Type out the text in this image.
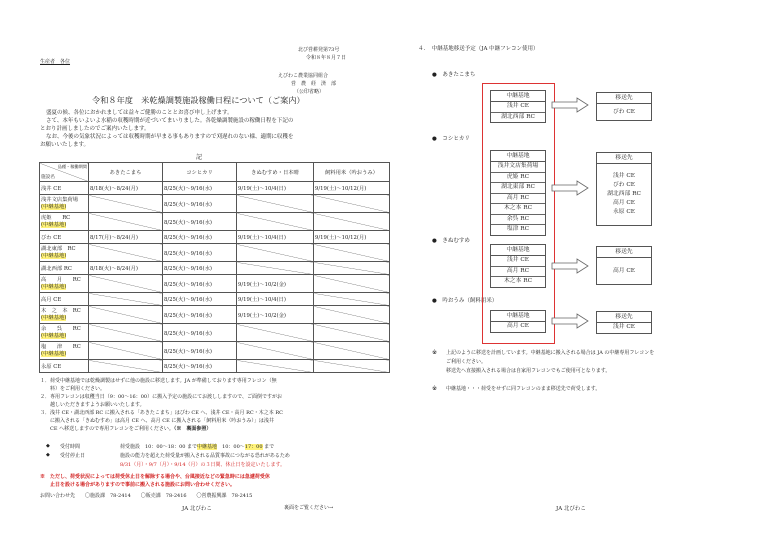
北び営耕発第73号
令和８年８月７日
生産者　各位
えびわこ農業協同組合
営　農　経　済　部
（公印省略）
令和８年度　米乾燥調製施設稼働日程について（ご案内）
盛夏の候、各位におかれましては益々ご健勝のこととお喜び申し上げます。
さて、本年もいよいよ水稲の収穫時期が近づいてまいりました。各乾燥調製施設の稼働日程を下記の
とおり計画しましたのでご案内いたします。
なお、今後の気象状況によっては収穫時期が早まる事もありますので刈遅れのない様、適期に収穫を
お願いいたします。
記
品種・稼働期間
施設名	あきたこまち	コシヒカリ	きぬむすめ・日本晴	飼料用米（吟おうみ）
浅井 CE	8/18(火)〜8/24(月)	8/25(火)〜9/16(水)	9/19(土)〜10/4(日)	9/19(土)〜10/12(月)
浅井文店集荷場
(中継基地)		8/25(火)〜9/16(水)		
虎姫　　RC
(中継基地)		8/25(火)〜9/16(水)		
びわ CE	8/17(月)〜8/24(月)	8/25(火)〜9/16(水)	9/19(土)〜10/4(日)	9/19(土)〜10/12(月)
湖北東部　RC
(中継基地)		8/25(火)〜9/16(水)		
湖北西部 RC	8/18(火)〜8/24(月)	8/25(火)〜9/16(水)		
高　　月　　RC
(中継基地)		8/25(火)〜9/16(水)	9/19(土)〜10/2(金)	
高月 CE		8/25(火)〜9/16(水)	9/19(土)〜10/4(日)	
木　之　本　RC
(中継基地)		8/25(火)〜9/16(水)	9/19(土)〜10/2(金)	
余　　呉　　RC
(中継基地)		8/25(火)〜9/16(水)		
塩　　津　　RC
(中継基地)		8/25(火)〜9/16(水)		
永原 CE		8/25(火)〜9/16(水)		
１．荷受中継基地では乾燥調製はせずに他の施設に移送します。JA が準備しております専用フレコン（無
　　料）をご利用ください。
２．専用フレコンは収穫当日（9：00〜16：00）に搬入予定の施設にてお渡ししますので、ご面倒ですがお
　　越しいただきますようお願いいたします。
３．浅井 CE・湖北西部 RC に搬入される「あきたこまち」はびわ CE へ、浅井 CE・高月 RC・木之本 RC
　　に搬入される「きぬむすめ」は高月 CE へ、高月 CE に搬入される「飼料用米（吟おうみ）」は浅井
　　CE へ移送しますので専用フレコンをご利用ください。（※　裏面参照）
◆ 受付時間	荷受施設　10：00〜18：00 まで中継基地　10：00〜17：00 まで
◆ 受付停止日	施設の能力を超えた荷受量が搬入される品質事故につながる恐れがあるため
8/31（月）・9/7（月）・9/14（月）の３日間、休止日を設定いたします。
※　ただし、荷受状況によっては荷受休止日を解除する場合や、台風接近などの緊急時には急遽荷受休
　　止日を設ける場合がありますので事前に搬入される施設にお問い合わせください。
お問い合わせ先　　〇施設課　78-2414　　〇販売課　78-2416　　〇営農振興課　78-2415
JA 北びわこ	裏面をご覧ください→
４．　中継基地移送予定（JA 中継フレコン使用）
●　あきたこまち
●　コシヒカリ
●　きぬむすめ
●　吟おうみ（飼料用米）
中継基地
浅井 CE
湖北西部 RC
中継基地
浅井文店集荷場
虎姫 RC
湖北東部 RC
高月 RC
木之本 RC
余呉 RC
塩津 RC
中継基地
浅井 CE
高月 RC
木之本 RC
中継基地
高月 CE
移送先
びわ CE
移送先
浅井 CE
びわ CE
湖北西部 RC
高月 CE
永原 CE
移送先
高月 CE
移送先
浅井 CE
※ 上記のように移送を計画しています。中継基地に搬入される場合は JA の中継専用フレコンを
ご利用ください。
移送先へ直接搬入される場合は自家用フレコンでもご使用可となります。
※ 中継基地・・・荷受をせずに同フレコンのまま移送先で荷受します。
JA 北びわこ
